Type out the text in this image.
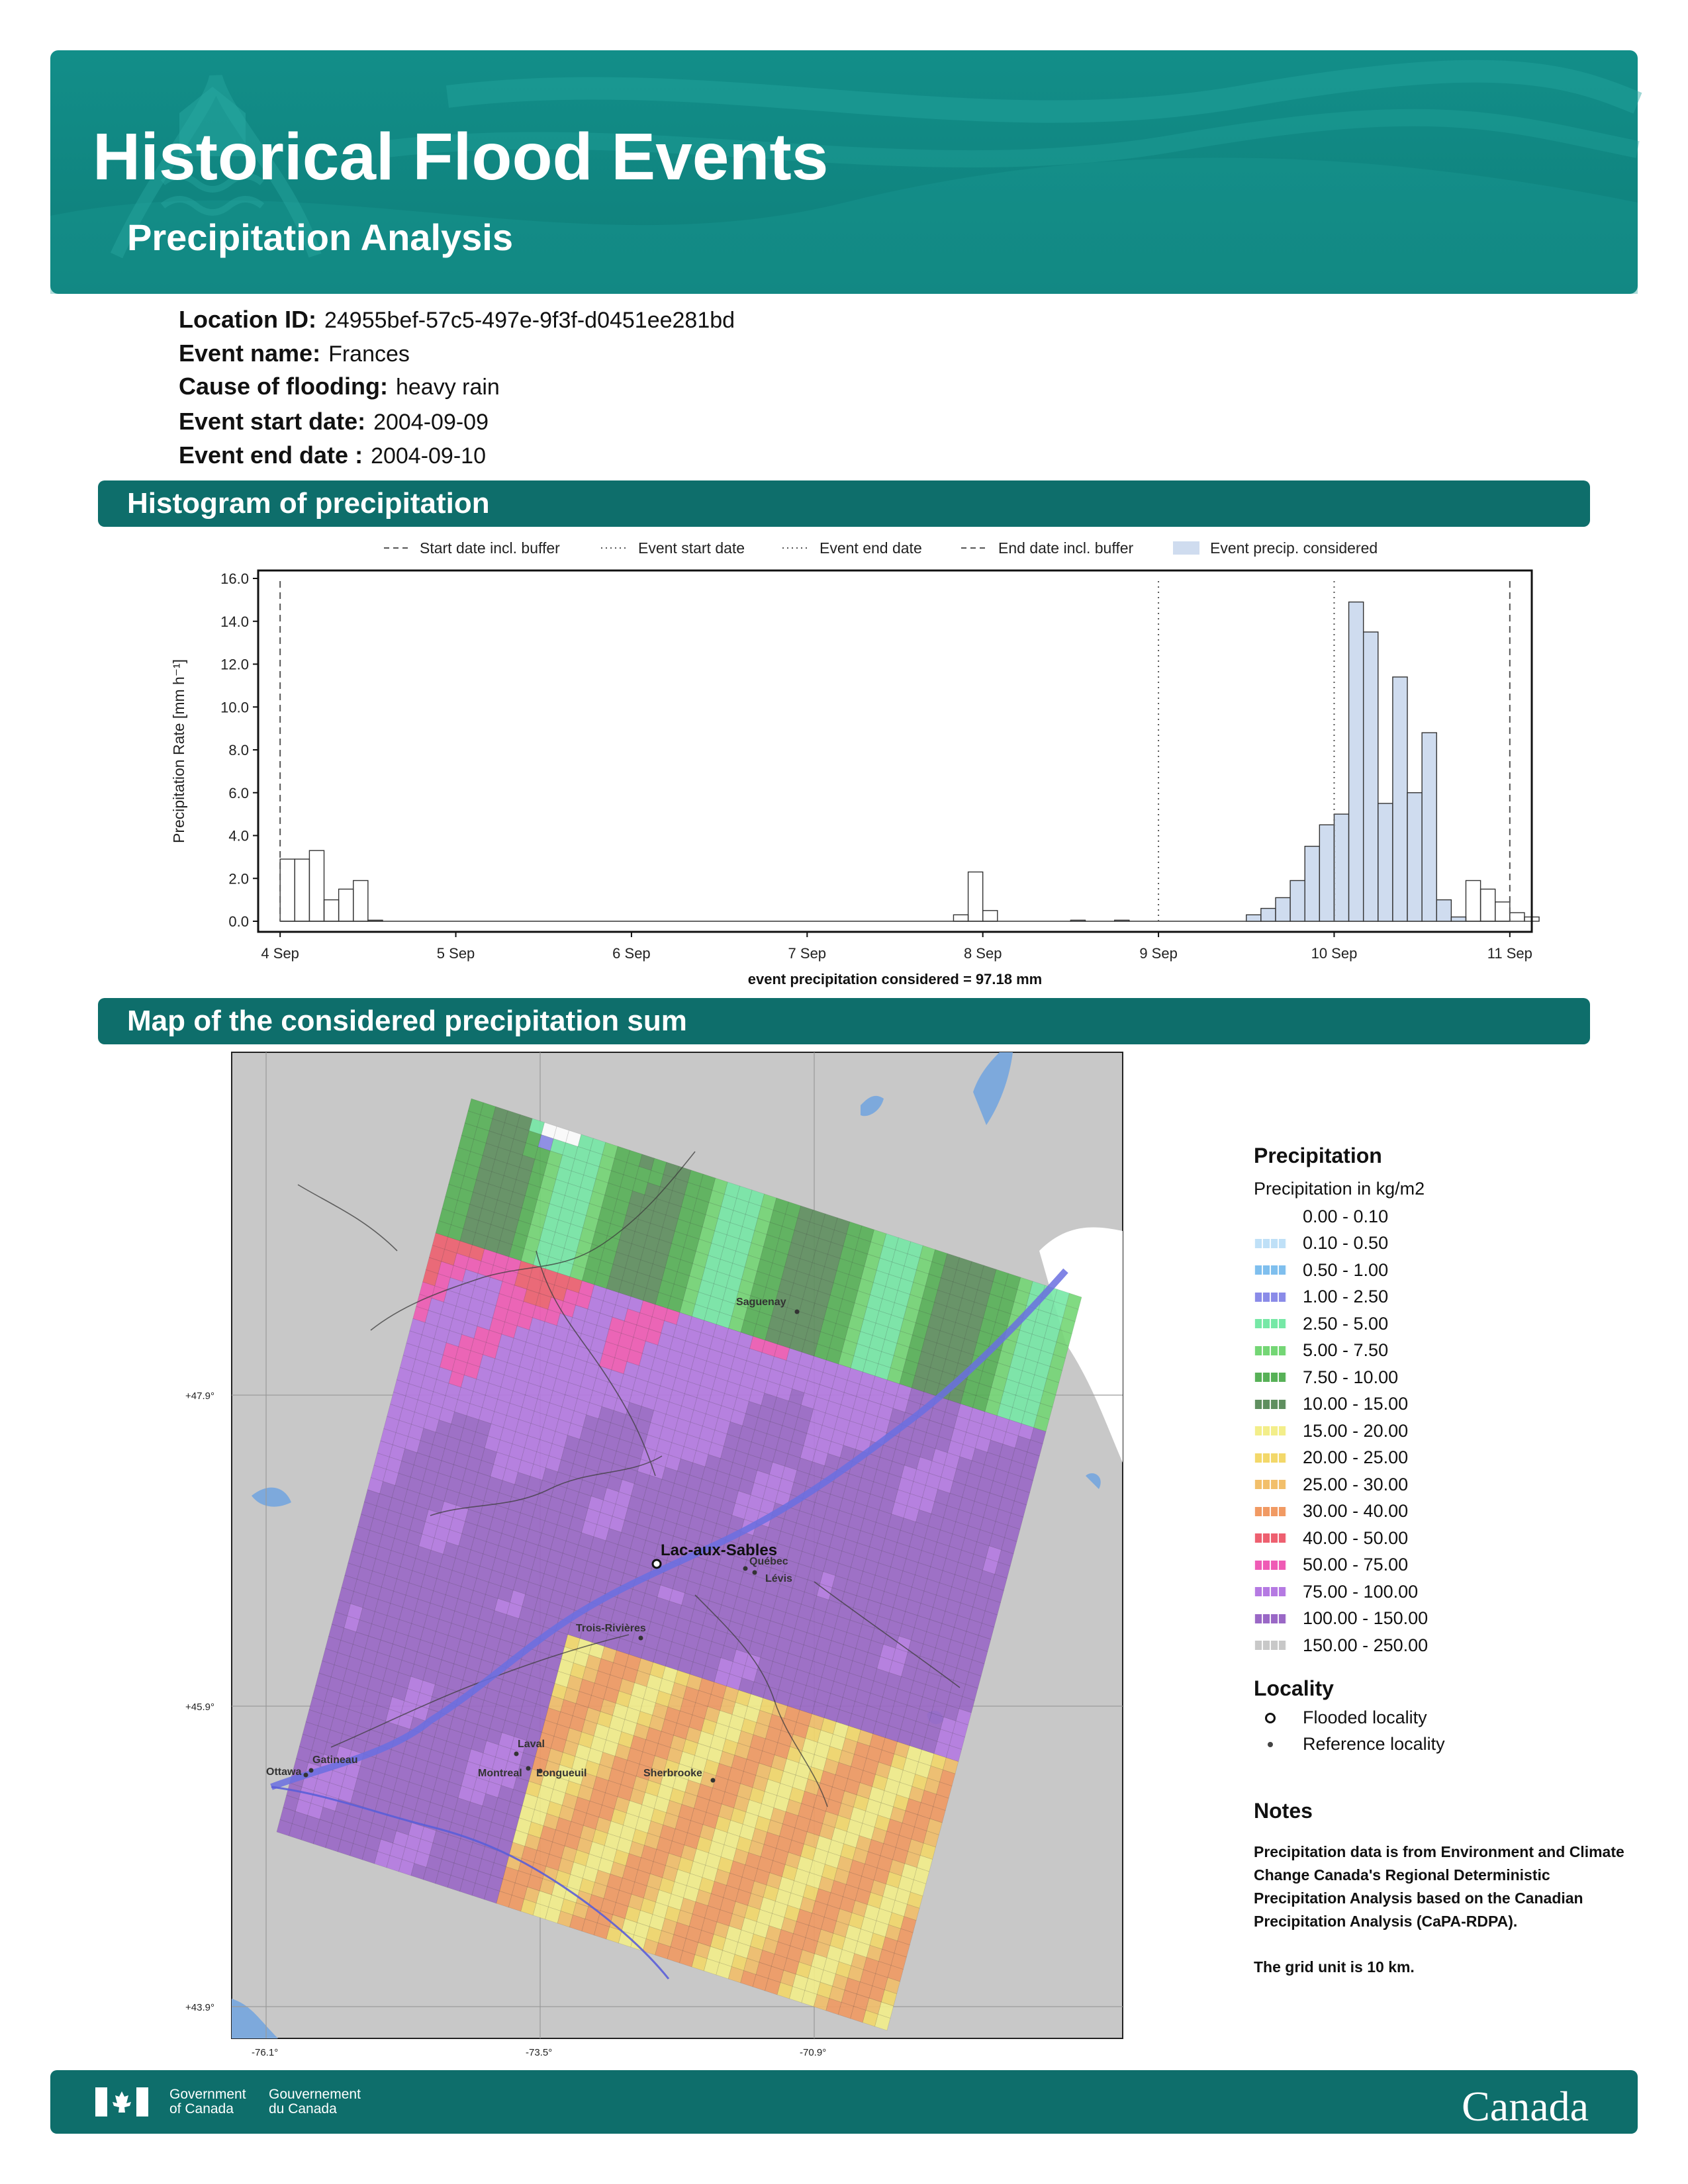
Historical Flood Events
Precipitation Analysis
Location ID: 24955bef-57c5-497e-9f3f-d0451ee281bd
Event name: Frances
Cause of flooding: heavy rain
Event start date: 2004-09-09
Event end date : 2004-09-10
Histogram of precipitation
Map of the considered precipitation sum
Start date incl. buffer	Event start date	Event end date	End date incl. buffer	Event precip. considered
Precipitation Rate [mm h⁻¹]
0.0
2.0
4.0
6.0
8.0
10.0
12.0
14.0
16.0
4 Sep	5 Sep	6 Sep	7 Sep	8 Sep	9 Sep	10 Sep	11 Sep
event precipitation considered = 97.18 mm
Lac-aux-Sables
Saguenay
Québec
Lévis
Trois-Rivières
Laval
Gatineau
Ottawa	Montreal Longueuil	Sherbrooke
+47.9°
+45.9°
+43.9°
-76.1°	-73.5°	-70.9°
Precipitation
Precipitation in kg/m2
0.00 - 0.10
0.10 - 0.50
0.50 - 1.00
1.00 - 2.50
2.50 - 5.00
5.00 - 7.50
7.50 - 10.00
10.00 - 15.00
15.00 - 20.00
20.00 - 25.00
25.00 - 30.00
30.00 - 40.00
40.00 - 50.00
50.00 - 75.00
75.00 - 100.00
100.00 - 150.00
150.00 - 250.00
Locality
Flooded locality
Reference locality
Notes
Precipitation data is from Environment and Climate Change Canada's Regional Deterministic Precipitation Analysis based on the Canadian Precipitation Analysis (CaPA-RDPA).
The grid unit is 10 km.
Government
of Canada
Gouvernement
du Canada	Canada
